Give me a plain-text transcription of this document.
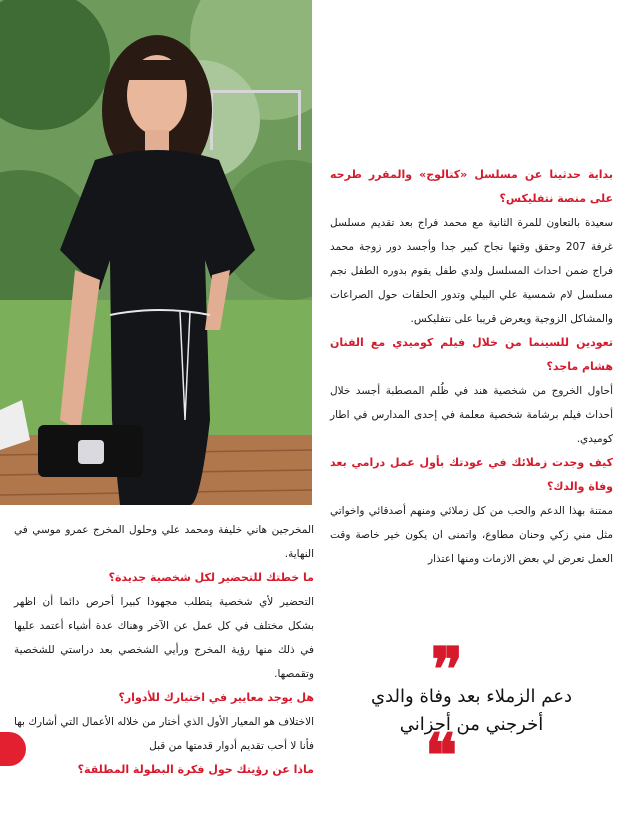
بداية حدثينا عن مسلسل «كتالوج» والمقرر طرحه على منصة نتفليكس؟

سعيدة بالتعاون للمرة الثانية مع محمد فراج بعد تقديم مسلسل غرفة 207 وحقق وقتها نجاح كبير جدا وأجسد دور زوجة محمد فراج ضمن احداث المسلسل ولدي طفل يقوم بدوره الطفل نجم مسلسل لام شمسية علي البيلي وتدور الحلقات حول الصراعات والمشاكل الزوجية ويعرض قريبا على نتفليكس.

تعودين للسينما من خلال فيلم كوميدي مع الفنان هشام ماجد؟

أحاول الخروج من شخصية هند في ظُلم المصطبة أجسد خلال أحداث فيلم برشامة شخصية معلمة في إحدى المدارس في اطار كوميدي.

كيف وجدت زملائك في عودتك بأول عمل درامي بعد وفاة والدك؟

ممتنة بهذا الدعم والحب من كل زملائي ومنهم أصدقائي واخواتي مثل مني زكي وحنان مطاوع، واتمنى ان يكون خير خاصة وقت العمل تعرض لي بعض الازمات ومنها اعتذار

المخرجين هاني خليفة ومحمد علي وحلول المخرج عمرو موسي في النهاية.

ما خطتك للتحضير لكل شخصية جديدة؟

التحضير لأي شخصية يتطلب مجهودا كبيرا أحرص دائما أن اظهر بشكل مختلف في كل عمل عن الآخر وهناك عدة أشياء أعتمد عليها في ذلك منها رؤية المخرج ورأيي الشخصي بعد دراستي للشخصية وتقمصها.

هل يوجد معايير في اختيارك للأدوار؟

الاختلاف هو المعيار الأول الذي أختار من خلاله الأعمال التي أشارك بها فأنا لا أحب تقديم أدوار قدمتها من قبل

ماذا عن رؤيتك حول فكرة البطولة المطلقة؟

❞
دعم الزملاء بعد وفاة والدي
أخرجني من أحزاني
❝
